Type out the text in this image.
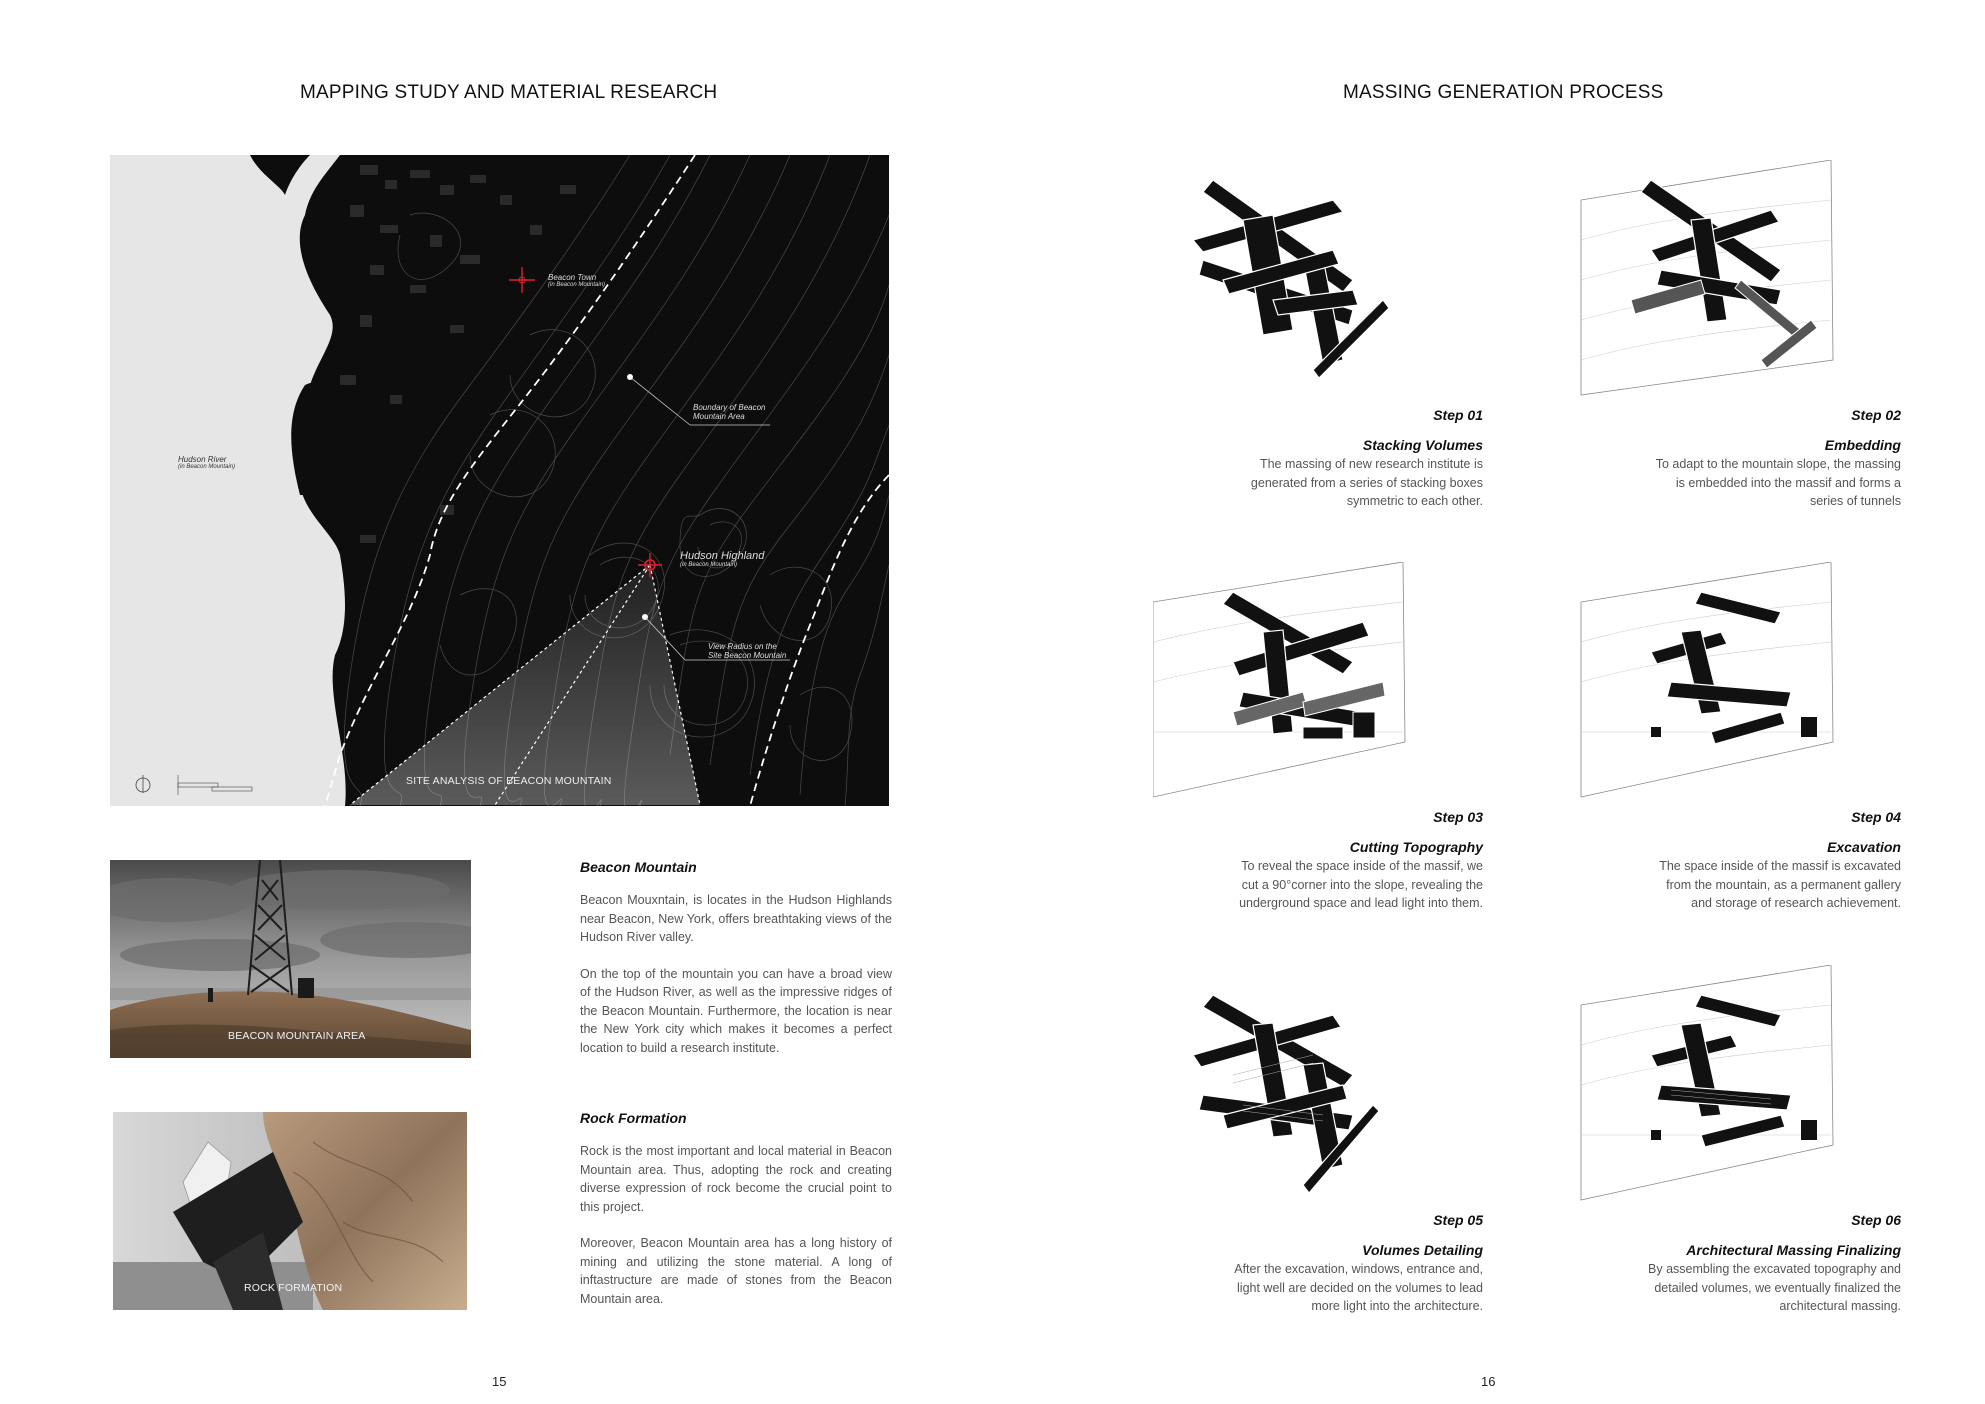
MAPPING STUDY AND MATERIAL RESEARCH
Beacon Town
(in Beacon Mountain)
Boundary of Beacon
Mountain Area
Hudson River
(in Beacon Mountain)
Hudson Highland
(in Beacon Mountain)
View Radius on the
Site Beacon Mountain
SITE ANALYSIS OF BEACON MOUNTAIN
BEACON MOUNTAIN AREA
ROCK FORMATION
Beacon Mountain

Beacon Mouxntain, is locates in the Hudson Highlands near Beacon, New York, offers breathtaking views of the Hudson River valley.

On the top of the mountain you can have a broad view of the Hudson River, as well as the impressive ridges of the Beacon Mountain. Furthermore, the location is near the New York city which makes it becomes a perfect location to build a research institute.

Rock Formation

Rock is the most important and local material in Beacon Mountain area. Thus, adopting the rock and creating diverse expression of rock become the crucial point to this project.

Moreover, Beacon Mountain area has a long history of mining and utilizing the stone material. A long of inftastructure are made of stones from the Beacon Mountain area.

15
MASSING GENERATION PROCESS
Step 01
Stacking Volumes
The massing of new research institute is
generated from a series of stacking boxes
symmetric to each other.
Step 02
Embedding
To adapt to the mountain slope, the massing
is embedded into the massif and forms a
series of tunnels
Step 03
Cutting Topography
To reveal the space inside of the massif, we
cut a 90°corner into the slope, revealing the
underground space and lead light into them.
Step 04
Excavation
The space inside of the massif is excavated
from the mountain, as a permanent gallery
and storage of research achievement.
Step 05
Volumes Detailing
After the excavation, windows, entrance and,
light well are decided on the volumes to lead
more light into the architecture.
Step 06
Architectural Massing Finalizing
By assembling the excavated topography and
detailed volumes, we eventually finalized the
architectural massing.
16
